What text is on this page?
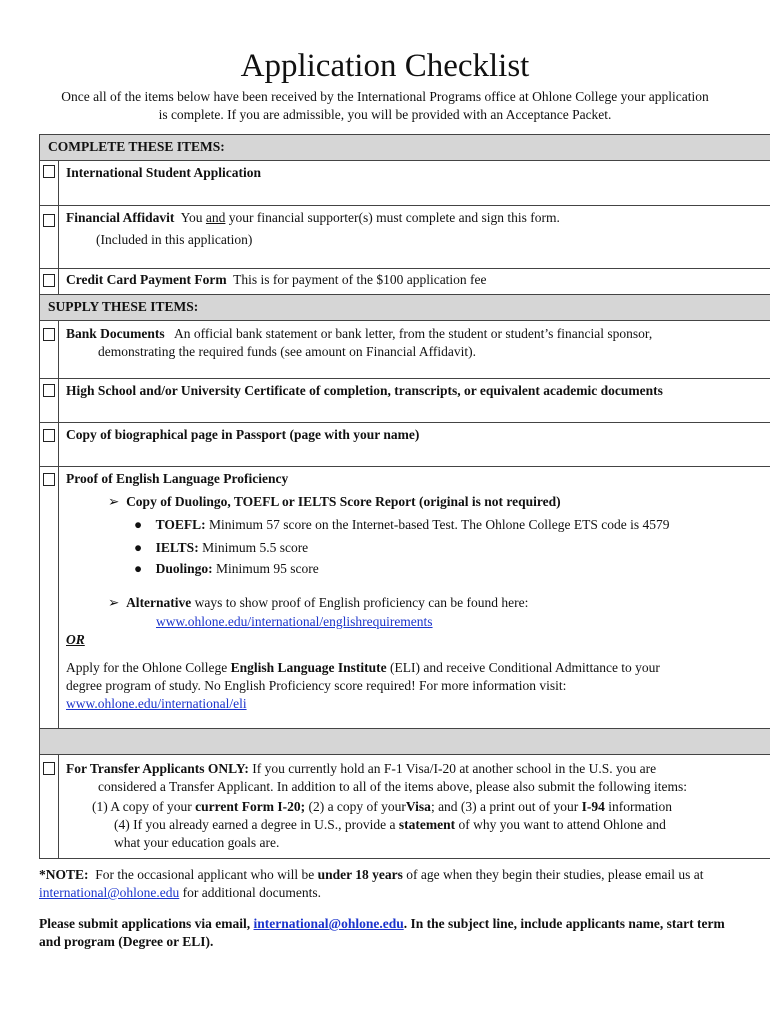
Application Checklist
Once all of the items below have been received by the International Programs office at Ohlone College your application is complete. If you are admissible, you will be provided with an Acceptance Packet.
COMPLETE THESE ITEMS:
International Student Application
Financial Affidavit You and your financial supporter(s) must complete and sign this form.
(Included in this application)
Credit Card Payment Form This is for payment of the $100 application fee
SUPPLY THESE ITEMS:
Bank Documents An official bank statement or bank letter, from the student or student’s financial sponsor,
demonstrating the required funds (see amount on Financial Affidavit).
High School and/or University Certificate of completion, transcripts, or equivalent academic documents
Copy of biographical page in Passport (page with your name)
Proof of English Language Proficiency
➢ Copy of Duolingo, TOEFL or IELTS Score Report (original is not required)
● TOEFL: Minimum 57 score on the Internet-based Test. The Ohlone College ETS code is 4579
● IELTS: Minimum 5.5 score
● Duolingo: Minimum 95 score
➢ Alternative ways to show proof of English proficiency can be found here:
www.ohlone.edu/international/englishrequirements
OR
Apply for the Ohlone College English Language Institute (ELI) and receive Conditional Admittance to your
degree program of study. No English Proficiency score required! For more information visit:
www.ohlone.edu/international/eli
For Transfer Applicants ONLY: If you currently hold an F-1 Visa/I-20 at another school in the U.S. you are
considered a Transfer Applicant. In addition to all of the items above, please also submit the following items:
(1) A copy of your current Form I-20; (2) a copy of yourVisa; and (3) a print out of your I-94 information
(4) If you already earned a degree in U.S., provide a statement of why you want to attend Ohlone and
what your education goals are.
*NOTE: For the occasional applicant who will be under 18 years of age when they begin their studies, please email us at international@ohlone.edu for additional documents.
Please submit applications via email, international@ohlone.edu. In the subject line, include applicants name, start term and program (Degree or ELI).
